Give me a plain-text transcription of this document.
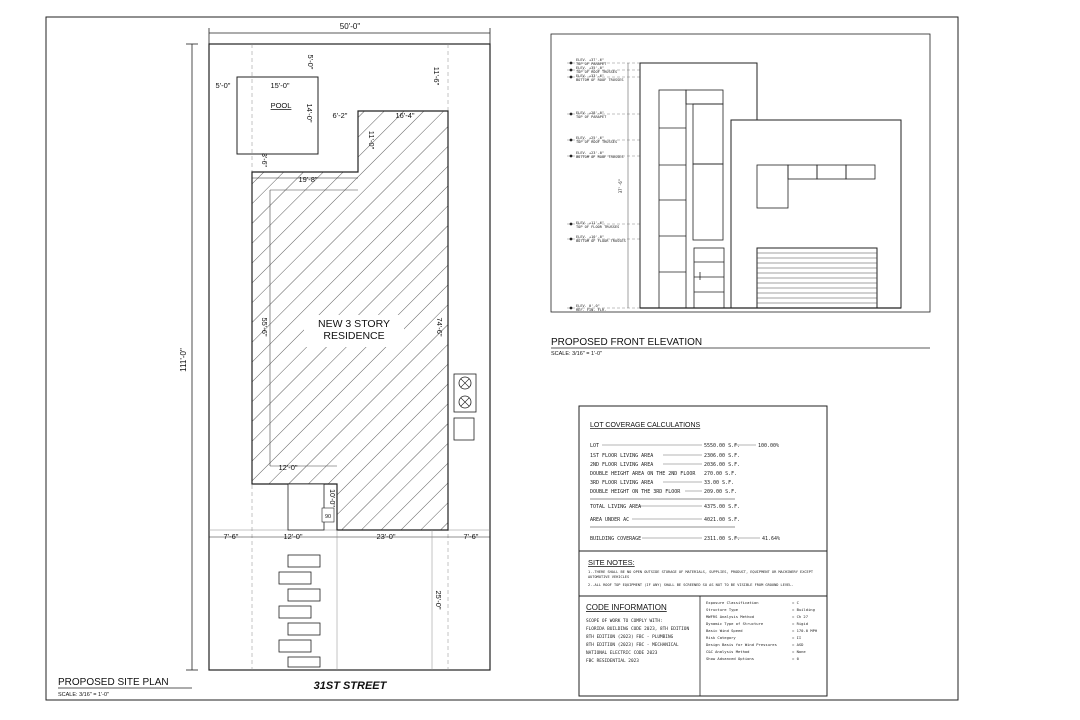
50'-0"
111'-0"
POOL
15'-0"
5'-0"
5'-0"
14'-0"
NEW 3 STORY
RESIDENCE
6'-2"
11'-0"
11'-6"
16'-4"
19'-8"
3'-6"
55'-6"	74'-6"
12'-0"
10'-0"
90
7'-6"	12'-0"	23'-0"	7'-6"
25'-0"
31ST STREET
PROPOSED SITE PLAN
SCALE: 3/16" = 1'-0"
ELEV. +37'-6"
TOP OF PARAPET
ELEV. +35'-0"
TOP OF ROOF TRUSSES
ELEV. +33'-6"
BOTTOM OF ROOF TRUSSES
ELEV. +28'-0"
TOP OF PARAPET
ELEV. +25'-6"
TOP OF ROOF TRUSSES
ELEV. +23'-0"
BOTTOM OF ROOF TRUSSES
ELEV. +11'-6"
TOP OF FLOOR TRUSSES
ELEV. +10'-0"
BOTTOM OF FLOOR TRUSSES
ELEV. 0'-0"
REF. FIN. FLR.
37'-6"
PROPOSED FRONT ELEVATION
SCALE: 3/16" = 1'-0"
LOT COVERAGE CALCULATIONS
LOT	5550.00 S.F.	100.00%
1ST FLOOR LIVING AREA	2306.00 S.F.
2ND FLOOR LIVING AREA	2036.00 S.F.
DOUBLE HEIGHT AREA ON THE 2ND FLOOR 270.00 S.F.
3RD FLOOR LIVING AREA	33.00 S.F.
DOUBLE HEIGHT ON THE 3RD FLOOR	209.00 S.F.
TOTAL LIVING AREA	4375.00 S.F.
AREA UNDER AC	4021.00 S.F.
BUILDING COVERAGE	2311.00 S.F.	41.64%
SITE NOTES:
1.-THERE SHALL BE NO OPEN OUTSIDE STORAGE OF MATERIALS, SUPPLIES, PRODUCT, EQUIPMENT OR MACHINERY EXCEPT
AUTOMOTIVE VEHICLES
2.-ALL ROOF TOP EQUIPMENT (IF ANY) SHALL BE SCREENED SO AS NOT TO BE VISIBLE FROM GROUND LEVEL.
CODE INFORMATION
SCOPE OF WORK TO COMPLY WITH:
FLORIDA BUILDING CODE 2023, 8TH EDITION
8TH EDITION (2023) FBC - PLUMBING
8TH EDITION (2023) FBC - MECHANICAL
NATIONAL ELECTRIC CODE 2023
FBC RESIDENTIAL 2023
Exposure Classification	= C
Structure Type	= Building
MWFRS Analysis Method	= Ch 27
Dynamic Type of Structure	= Rigid
Basic Wind Speed	= 170.0 MPH
Risk Category	= II
Design Basis for Wind Pressures	= ASD
C&C Analysis Method	= None
Show Advanced Options	= 0
